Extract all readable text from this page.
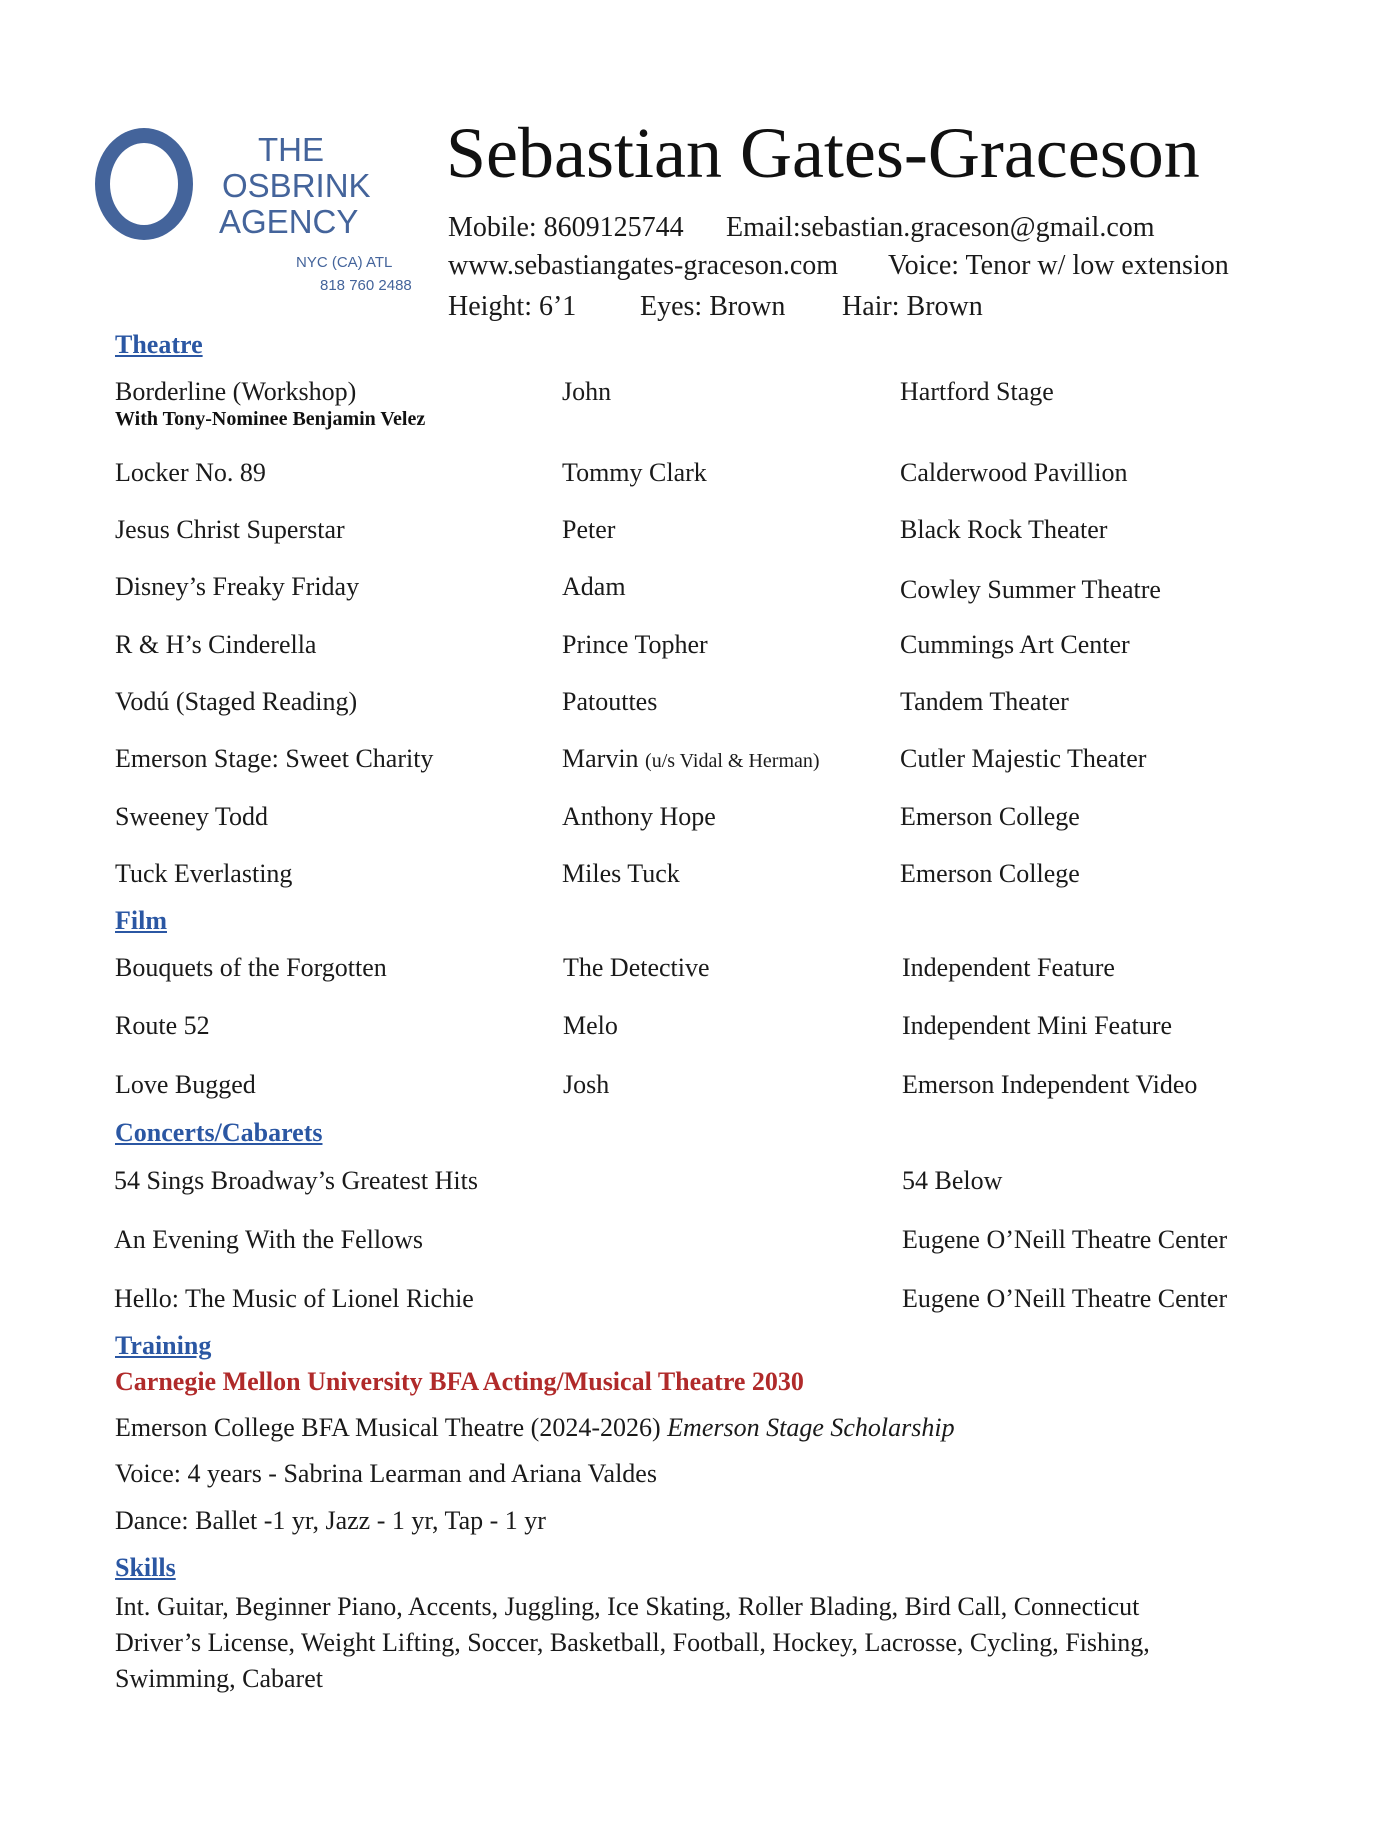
THE
OSBRINK
AGENCY
NYC (CA) ATL
818 760 2488
Sebastian Gates-Graceson
Mobile: 8609125744 Email:sebastian.graceson@gmail.com
www.sebastiangates-graceson.com Voice: Tenor w/ low extension
Height: 6’1 Eyes: Brown Hair: Brown
Theatre
Borderline (Workshop)	John	Hartford Stage
With Tony-Nominee Benjamin Velez
Locker No. 89	Tommy Clark	Calderwood Pavillion
Jesus Christ Superstar	Peter	Black Rock Theater
Disney’s Freaky Friday	Adam	Cowley Summer Theatre
R & H’s Cinderella	Prince Topher	Cummings Art Center
Vodú (Staged Reading)	Patouttes	Tandem Theater
Emerson Stage: Sweet Charity	Marvin (u/s Vidal & Herman)	Cutler Majestic Theater
Sweeney Todd	Anthony Hope	Emerson College
Tuck Everlasting	Miles Tuck	Emerson College
Film
Bouquets of the Forgotten	The Detective	Independent Feature
Route 52	Melo	Independent Mini Feature
Love Bugged	Josh	Emerson Independent Video
Concerts/Cabarets
54 Sings Broadway’s Greatest Hits	54 Below
An Evening With the Fellows	Eugene O’Neill Theatre Center
Hello: The Music of Lionel Richie	Eugene O’Neill Theatre Center
Training
Carnegie Mellon University BFA Acting/Musical Theatre 2030
Emerson College BFA Musical Theatre (2024-2026) Emerson Stage Scholarship
Voice: 4 years - Sabrina Learman and Ariana Valdes
Dance: Ballet -1 yr, Jazz - 1 yr, Tap - 1 yr
Skills
Int. Guitar, Beginner Piano, Accents, Juggling, Ice Skating, Roller Blading, Bird Call, Connecticut Driver’s License, Weight Lifting, Soccer, Basketball, Football, Hockey, Lacrosse, Cycling, Fishing, Swimming, Cabaret
